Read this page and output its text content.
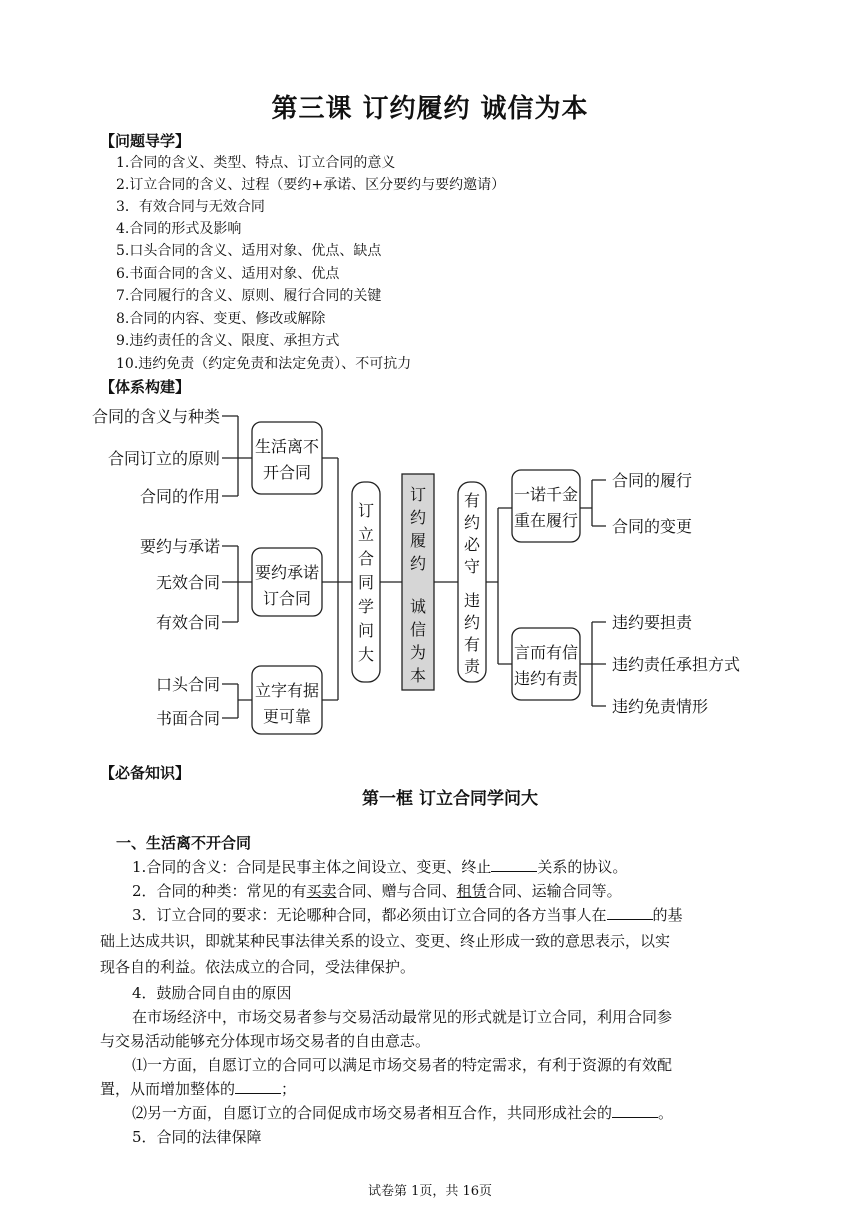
第三课 订约履约 诚信为本
【问题导学】
1.合同的含义、类型、特点、订立合同的意义
2.订立合同的含义、过程（要约+承诺、区分要约与要约邀请）
3．有效合同与无效合同
4.合同的形式及影响
5.口头合同的含义、适用对象、优点、缺点
6.书面合同的含义、适用对象、优点
7.合同履行的含义、原则、履行合同的关键
8.合同的内容、变更、修改或解除
9.违约责任的含义、限度、承担方式
10.违约免责（约定免责和法定免责）、不可抗力
【体系构建】
合同的含义与种类
合同订立的原则
合同的作用
要约与承诺
无效合同
有效合同
口头合同
书面合同
生活离不
开合同
要约承诺
订合同
立字有据
更可靠
一诺千金
重在履行
言而有信
违约有责
订
立
合
同
学
问
大
订
约
履
约
诚
信
为
本
有
约
必
守
违
约
有
责
合同的履行
合同的变更
违约要担责
违约责任承担方式
违约免责情形
【必备知识】
第一框 订立合同学问大
一、生活离不开合同
1.合同的含义：合同是民事主体之间设立、变更、终止	关系的协议。
2．合同的种类：常见的有买卖合同、赠与合同、租赁合同、运输合同等。
3．订立合同的要求：无论哪种合同，都必须由订立合同的各方当事人在	的基
础上达成共识，即就某种民事法律关系的设立、变更、终止形成一致的意思表示，以实
现各自的利益。依法成立的合同，受法律保护。
4．鼓励合同自由的原因
在市场经济中，市场交易者参与交易活动最常见的形式就是订立合同，利用合同参
与交易活动能够充分体现市场交易者的自由意志。
⑴一方面，自愿订立的合同可以满足市场交易者的特定需求，有利于资源的有效配
置，从而增加整体的	；
⑵另一方面，自愿订立的合同促成市场交易者相互合作，共同形成社会的	。
5．合同的法律保障
试卷第 1页，共 16页
